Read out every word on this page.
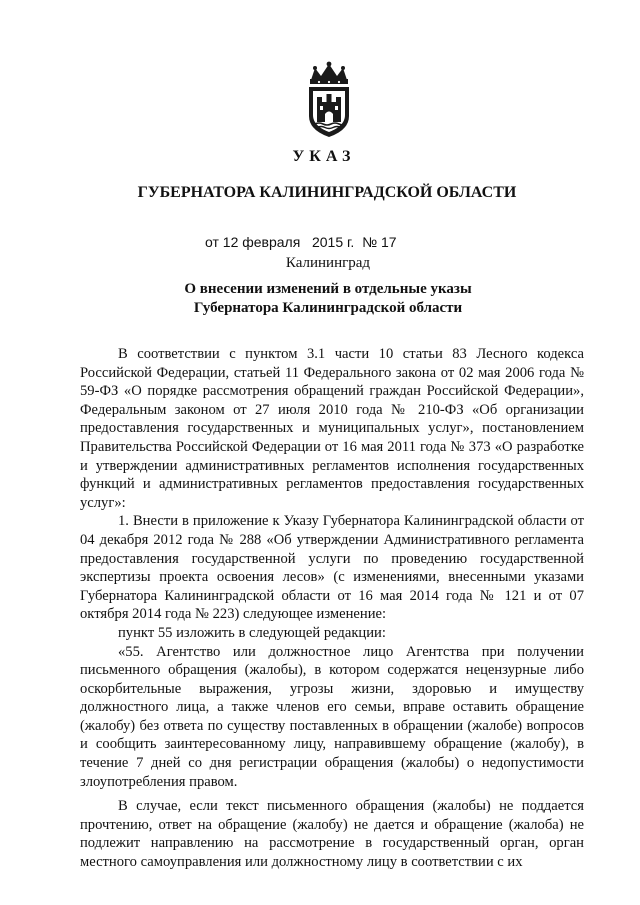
УКАЗ
ГУБЕРНАТОРА КАЛИНИНГРАДСКОЙ ОБЛАСТИ
от 12 февраля   2015 г.  № 17
Калининград
О внесении изменений в отдельные указы
Губернатора Калининградской области

В соответствии с пунктом 3.1 части 10 статьи 83 Лесного кодекса Российской Федерации, статьей 11 Федерального закона от 02 мая 2006 года № 59-ФЗ «О порядке рассмотрения обращений граждан Российской Федерации», Федеральным законом от 27 июля 2010 года № 210-ФЗ «Об организации предоставления государственных и муниципальных услуг», постановлением Правительства Российской Федерации от 16 мая 2011 года № 373 «О разработке и утверждении административных регламентов исполнения государственных функций и административных регламентов предоставления государственных услуг»:

1. Внести в приложение к Указу Губернатора Калининградской области от 04 декабря 2012 года № 288 «Об утверждении Административного регламента предоставления государственной услуги по проведению государственной экспертизы проекта освоения лесов» (с изменениями, внесенными указами Губернатора Калининградской области от 16 мая 2014 года № 121 и от 07 октября 2014 года № 223) следующее изменение:

пункт 55 изложить в следующей редакции:

«55. Агентство или должностное лицо Агентства при получении письменного обращения (жалобы), в котором содержатся нецензурные либо оскорбительные выражения, угрозы жизни, здоровью и имуществу должностного лица, а также членов его семьи, вправе оставить обращение (жалобу) без ответа по существу поставленных в обращении (жалобе) вопросов и сообщить заинтересованному лицу, направившему обращение (жалобу), в течение 7 дней со дня регистрации обращения (жалобы) о недопустимости злоупотребления правом.

В случае, если текст письменного обращения (жалобы) не поддается прочтению, ответ на обращение (жалобу) не дается и обращение (жалоба) не подлежит направлению на рассмотрение в государственный орган, орган местного самоуправления или должностному лицу в соответствии с их
